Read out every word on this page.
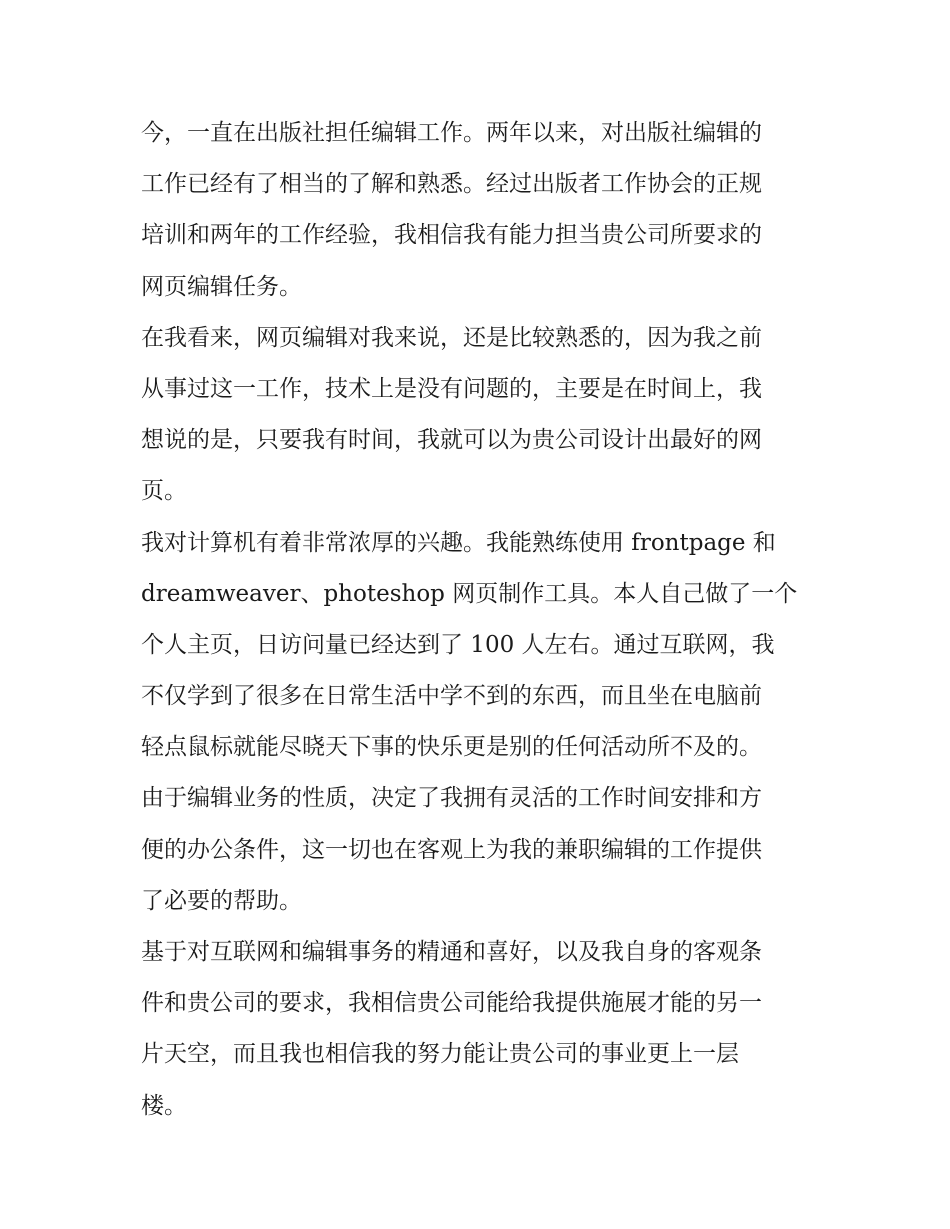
今，一直在出版社担任编辑工作。两年以来，对出版社编辑的
工作已经有了相当的了解和熟悉。经过出版者工作协会的正规
培训和两年的工作经验，我相信我有能力担当贵公司所要求的
网页编辑任务。
在我看来，网页编辑对我来说，还是比较熟悉的，因为我之前
从事过这一工作，技术上是没有问题的，主要是在时间上，我
想说的是，只要我有时间，我就可以为贵公司设计出最好的网
页。
我对计算机有着非常浓厚的兴趣。我能熟练使用 frontpage 和
dreamweaver、photeshop 网页制作工具。本人自己做了一个
个人主页，日访问量已经达到了 100 人左右。通过互联网，我
不仅学到了很多在日常生活中学不到的东西，而且坐在电脑前
轻点鼠标就能尽晓天下事的快乐更是别的任何活动所不及的。
由于编辑业务的性质，决定了我拥有灵活的工作时间安排和方
便的办公条件，这一切也在客观上为我的兼职编辑的工作提供
了必要的帮助。
基于对互联网和编辑事务的精通和喜好，以及我自身的客观条
件和贵公司的要求，我相信贵公司能给我提供施展才能的另一
片天空，而且我也相信我的努力能让贵公司的事业更上一层
楼。
